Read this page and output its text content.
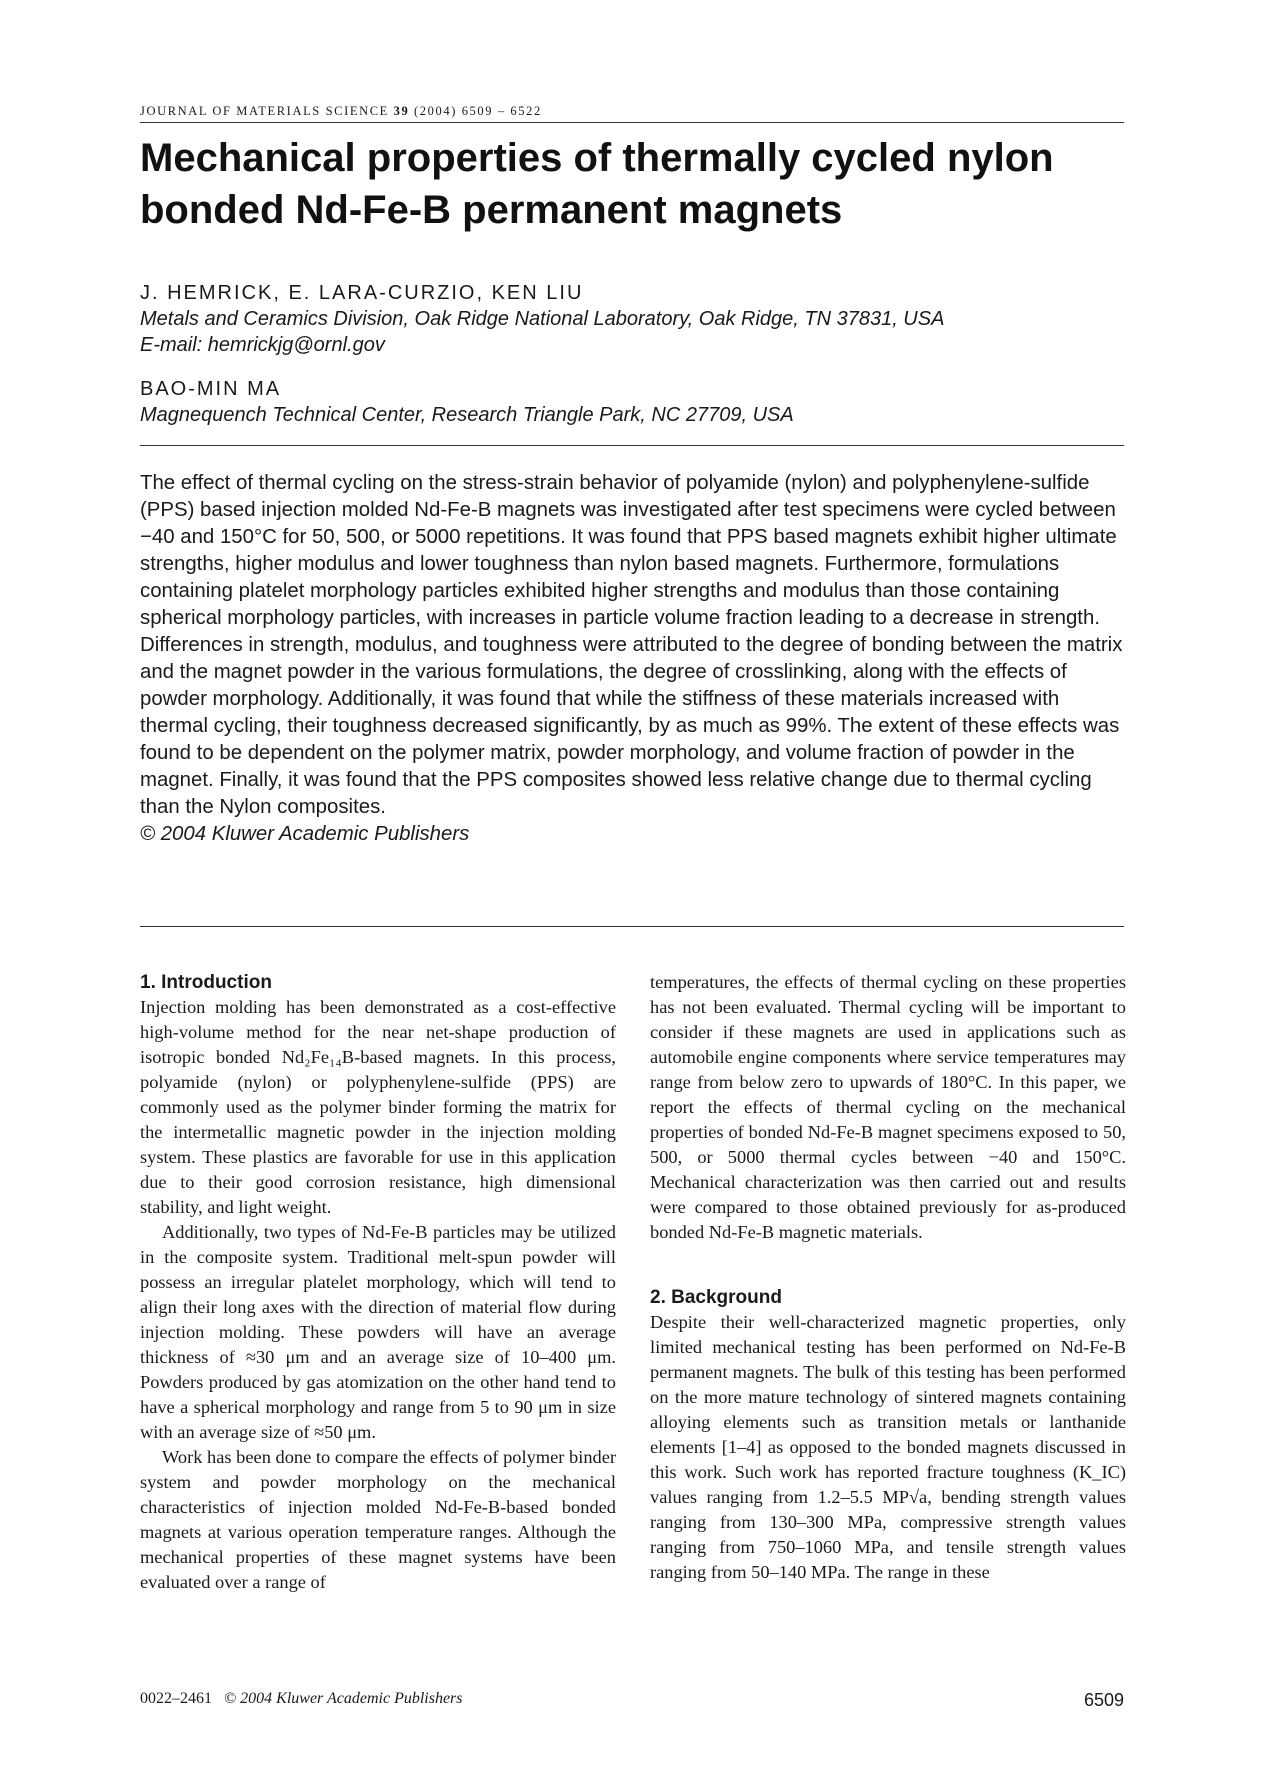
JOURNAL OF MATERIALS SCIENCE 39 (2004) 6509 – 6522
Mechanical properties of thermally cycled nylon bonded Nd-Fe-B permanent magnets
J. HEMRICK, E. LARA-CURZIO, KEN LIU
Metals and Ceramics Division, Oak Ridge National Laboratory, Oak Ridge, TN 37831, USA
E-mail: hemrickjg@ornl.gov
BAO-MIN MA
Magnequench Technical Center, Research Triangle Park, NC 27709, USA

The effect of thermal cycling on the stress-strain behavior of polyamide (nylon) and polyphenylene-sulfide (PPS) based injection molded Nd-Fe-B magnets was investigated after test specimens were cycled between −40 and 150°C for 50, 500, or 5000 repetitions. It was found that PPS based magnets exhibit higher ultimate strengths, higher modulus and lower toughness than nylon based magnets. Furthermore, formulations containing platelet morphology particles exhibited higher strengths and modulus than those containing spherical morphology particles, with increases in particle volume fraction leading to a decrease in strength. Differences in strength, modulus, and toughness were attributed to the degree of bonding between the matrix and the magnet powder in the various formulations, the degree of crosslinking, along with the effects of powder morphology. Additionally, it was found that while the stiffness of these materials increased with thermal cycling, their toughness decreased significantly, by as much as 99%. The extent of these effects was found to be dependent on the polymer matrix, powder morphology, and volume fraction of powder in the magnet. Finally, it was found that the PPS composites showed less relative change due to thermal cycling than the Nylon composites.

© 2004 Kluwer Academic Publishers

1. Introduction

Injection molding has been demonstrated as a cost-effective high-volume method for the near net-shape production of isotropic bonded Nd₂Fe₁₄B-based magnets. In this process, polyamide (nylon) or polyphenylene-sulfide (PPS) are commonly used as the polymer binder forming the matrix for the intermetallic magnetic powder in the injection molding system. These plastics are favorable for use in this application due to their good corrosion resistance, high dimensional stability, and light weight.

Additionally, two types of Nd-Fe-B particles may be utilized in the composite system. Traditional melt-spun powder will possess an irregular platelet morphology, which will tend to align their long axes with the direction of material flow during injection molding. These powders will have an average thickness of ≈30 μm and an average size of 10–400 μm. Powders produced by gas atomization on the other hand tend to have a spherical morphology and range from 5 to 90 μm in size with an average size of ≈50 μm.

Work has been done to compare the effects of polymer binder system and powder morphology on the mechanical characteristics of injection molded Nd-Fe-B-based bonded magnets at various operation temperature ranges. Although the mechanical properties of these magnet systems have been evaluated over a range of

temperatures, the effects of thermal cycling on these properties has not been evaluated. Thermal cycling will be important to consider if these magnets are used in applications such as automobile engine components where service temperatures may range from below zero to upwards of 180°C. In this paper, we report the effects of thermal cycling on the mechanical properties of bonded Nd-Fe-B magnet specimens exposed to 50, 500, or 5000 thermal cycles between −40 and 150°C. Mechanical characterization was then carried out and results were compared to those obtained previously for as-produced bonded Nd-Fe-B magnetic materials.

2. Background

Despite their well-characterized magnetic properties, only limited mechanical testing has been performed on Nd-Fe-B permanent magnets. The bulk of this testing has been performed on the more mature technology of sintered magnets containing alloying elements such as transition metals or lanthanide elements [1–4] as opposed to the bonded magnets discussed in this work. Such work has reported fracture toughness (K_IC) values ranging from 1.2–5.5 MP√a, bending strength values ranging from 130–300 MPa, compressive strength values ranging from 750–1060 MPa, and tensile strength values ranging from 50–140 MPa. The range in these

0022–2461 © 2004 Kluwer Academic Publishers	6509
